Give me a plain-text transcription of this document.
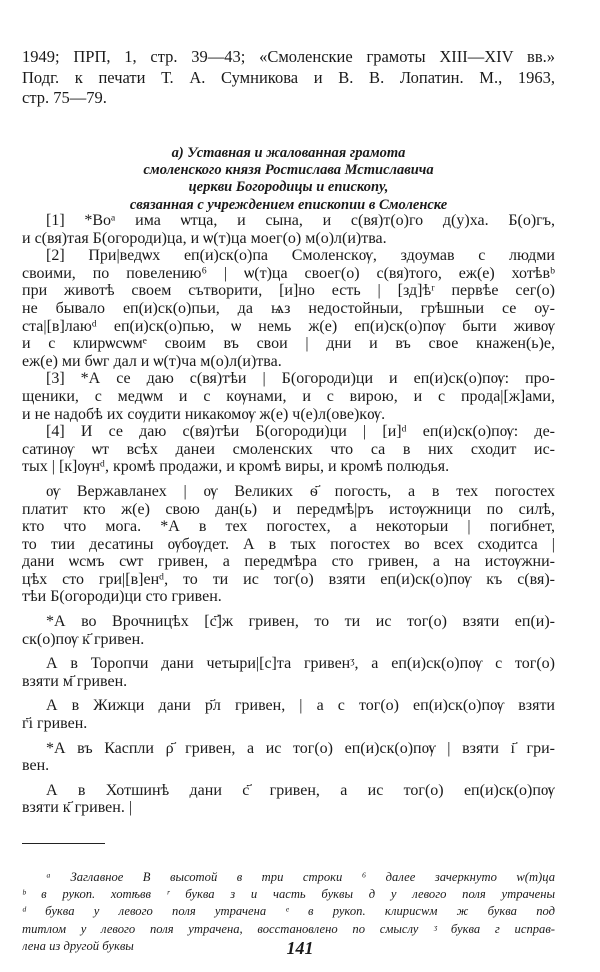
1949; ПРП, 1, стр. 39—43; «Смоленские грамоты XIII—XIV вв.»
Подг. к печати Т. А. Сумникова и В. В. Лопатин. М., 1963,
стр. 75—79.
а) Уставная и жалованная грамота
смоленского князя Ростислава Мстиславича
церкви Богородицы и епископу,
связанная с учреждением епископии в Смоленске
[1] *Воᵃ има ѡтца, и сына, и с(вя)т(о)го д(у)ха. Б(о)гъ,
и с(вя)тая Б(огороди)ца, и ѡ(т)ца моег(о) м(о)л(и)тва.
[2] При|ведѡх еп(и)ск(о)па Смоленскѹ, здоумав с людми
своими, по повелению⁶ | ѡ(т)ца своег(о) с(вя)того, еж(е) хотѣвᵇ
при животѣ своем сътворити, [и]но есть | [зд]ѣʳ первѣе сег(о)
не бывало еп(и)ск(о)пьи, да ѩз недостойныи, грѣшныи се оу-
ста|[в]лаюᵈ еп(и)ск(о)пью, ѡ немь ж(е) еп(и)ск(о)пѹ быти живѹ
и с клирѡсѡмᵉ своим въ свои | дни и въ свое кнажен(ь)е,
еж(е) ми бѡг дал и ѡ(т)ча м(о)л(и)тва.
[3] *А се даю с(вя)тѣи | Б(огороди)ци и еп(и)ск(о)пѹ: про-
щеники, с медѡм и с кѹнами, и с вирою, и с прода|[ж]ами,
и не надобѣ их сѹдити никакомѹ ж(е) ч(е)л(ове)кѹ.
[4] И се даю с(вя)тѣи Б(огороди)ци | [и]ᵈ еп(и)ск(о)пѹ: де-
сатинѹ ѡт всѣх данеи смоленских что са в них сходит ис-
тых | [к]ѹнᵈ, кромѣ продажи, и кромѣ виры, и кромѣ полюдья.
ѹ Вержавланех | ѹ Великих ѳ҃ погость, а в тех погостех
платит кто ж(е) свою дан(ь) и передмѣ|ръ истѹжници по силѣ,
кто что мога. *А в тех погостех, а некоторыи | погибнет,
то тии десатины ѹбѹдет. А в тых погостех во всех сходитса |
дани ѡсмъ сѡт гривен, а передмѣра сто гривен, а на истѹжни-
цѣх сто гри|[в]енᵈ, то ти ис тог(о) взяти еп(и)ск(о)пѹ къ с(вя)-
тѣи Б(огороди)ци сто гривен.
*А во Врочницѣх [с҃]ж гривен, то ти ис тог(о) взяти еп(и)-
ск(о)пѹ к҃ гривен.
А в Торопчи дани четыри|[с]та гривенᶾ, а еп(и)ск(о)пѹ с тог(о)
взяти м҃ гривен.
А в Жижци дани р҃л гривен, | а с тог(о) еп(и)ск(о)пѹ взяти
г҃ı гривен.
*А въ Каспли ρ҃ гривен, а ис тог(о) еп(и)ск(о)пѹ | взяти ı҃ гри-
вен.
А в Хотшинѣ дани с҃ гривен, а ис тог(о) еп(и)ск(о)пѹ
взяти к҃ гривен. |
ᵃ Заглавное В высотой в три строки ⁶ далее зачеркнуто w(т)ца
ᵇ в рукоп. хотѣвв ʳ буква з и часть буквы д у левого поля утрачены
ᵈ буква у левого поля утрачена ᵉ в рукоп. клирисwм ж буква под
титлом у левого поля утрачена, восстановлено по смыслу ᶾ буква г исправ-
лена из другой буквы	141
